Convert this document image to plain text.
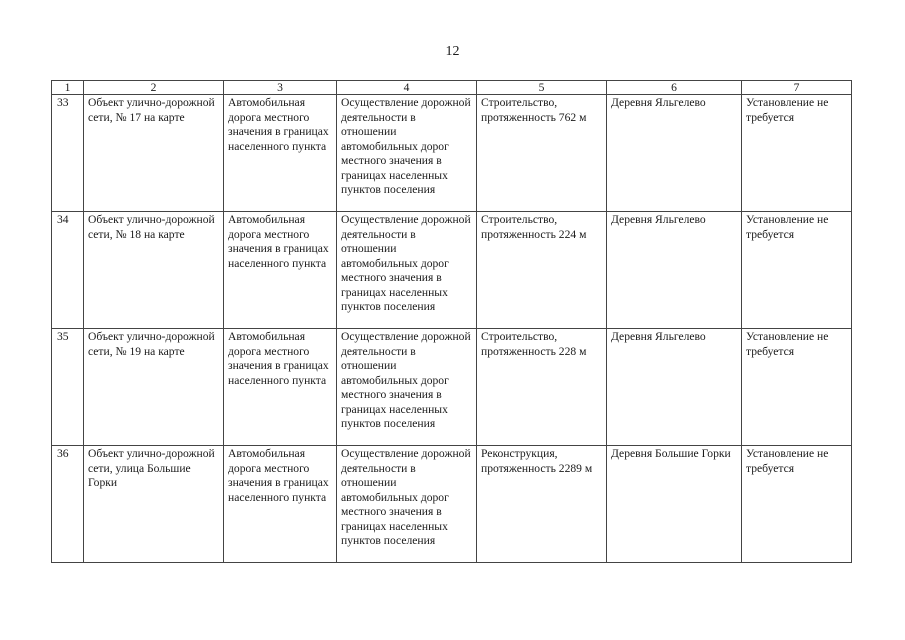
12
1	2	3	4	5	6	7
33	Объект улично-дорожной сети, № 17 на карте	Автомобильная дорога местного значения в границах населенного пункта	Осуществление дорожной деятельности в отношении автомобильных дорог местного значения в границах населенных пунктов поселения	Строительство, протяженность 762 м	Деревня Яльгелево	Установление не требуется
34	Объект улично-дорожной сети, № 18 на карте	Автомобильная дорога местного значения в границах населенного пункта	Осуществление дорожной деятельности в отношении автомобильных дорог местного значения в границах населенных пунктов поселения	Строительство, протяженность 224 м	Деревня Яльгелево	Установление не требуется
35	Объект улично-дорожной сети, № 19 на карте	Автомобильная дорога местного значения в границах населенного пункта	Осуществление дорожной деятельности в отношении автомобильных дорог местного значения в границах населенных пунктов поселения	Строительство, протяженность 228 м	Деревня Яльгелево	Установление не требуется
36	Объект улично-дорожной сети, улица Большие Горки	Автомобильная дорога местного значения в границах населенного пункта	Осуществление дорожной деятельности в отношении автомобильных дорог местного значения в границах населенных пунктов поселения	Реконструкция, протяженность 2289 м	Деревня Большие Горки	Установление не требуется
